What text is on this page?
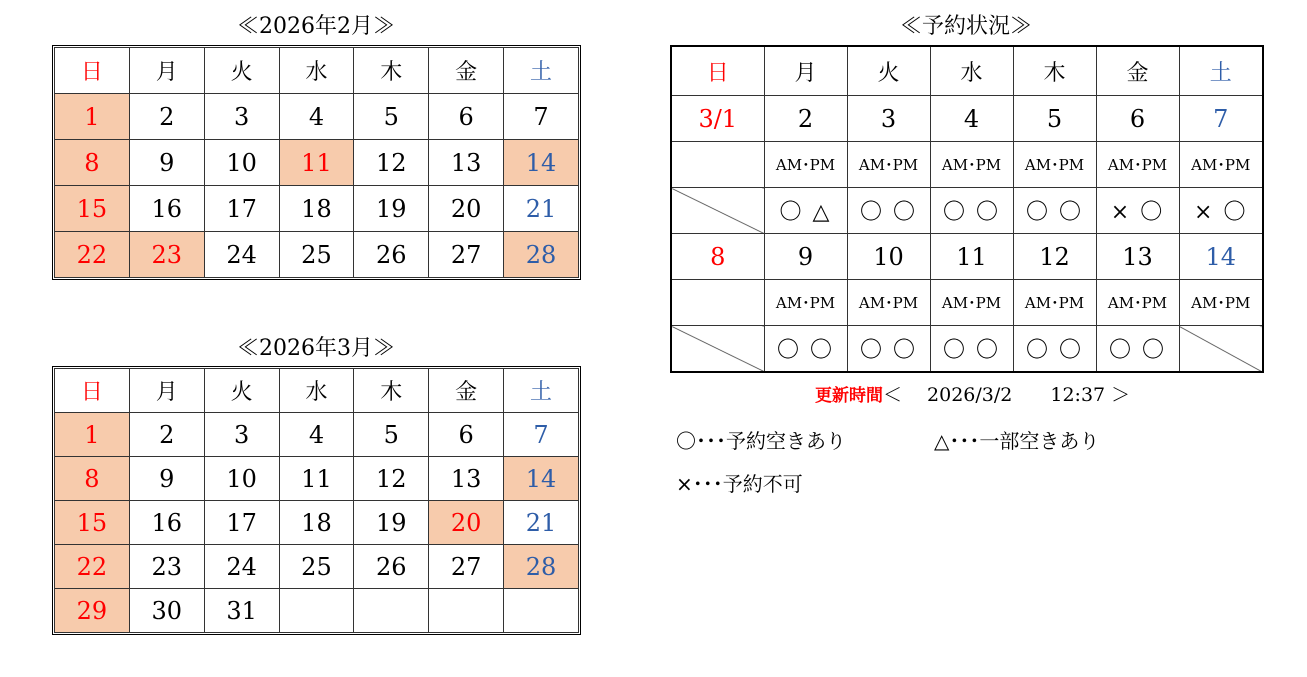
≪2026年2月≫
日	月	火	水	木	金	土
1	2	3	4	5	6	7
8	9	10	11	12	13	14
15	16	17	18	19	20	21
22	23	24	25	26	27	28
≪2026年3月≫
日	月	火	水	木	金	土
1	2	3	4	5	6	7
8	9	10	11	12	13	14
15	16	17	18	19	20	21
22	23	24	25	26	27	28
29	30	31				
≪予約状況≫
日	月	火	水	木	金	土
3/1	2	3	4	5	6	7
	AM･PM	AM･PM	AM･PM	AM･PM	AM･PM	AM･PM
	〇 △	〇 〇	〇 〇	〇 〇	× 〇	× 〇
8	9	10	11	12	13	14
	AM･PM	AM･PM	AM･PM	AM･PM	AM･PM	AM･PM
	〇 〇	〇 〇	〇 〇	〇 〇	〇 〇	
更新時間＜　 2026/3/2　　12:37 ＞
〇･･･予約空きあり	△･･･一部空きあり
×･･･予約不可
